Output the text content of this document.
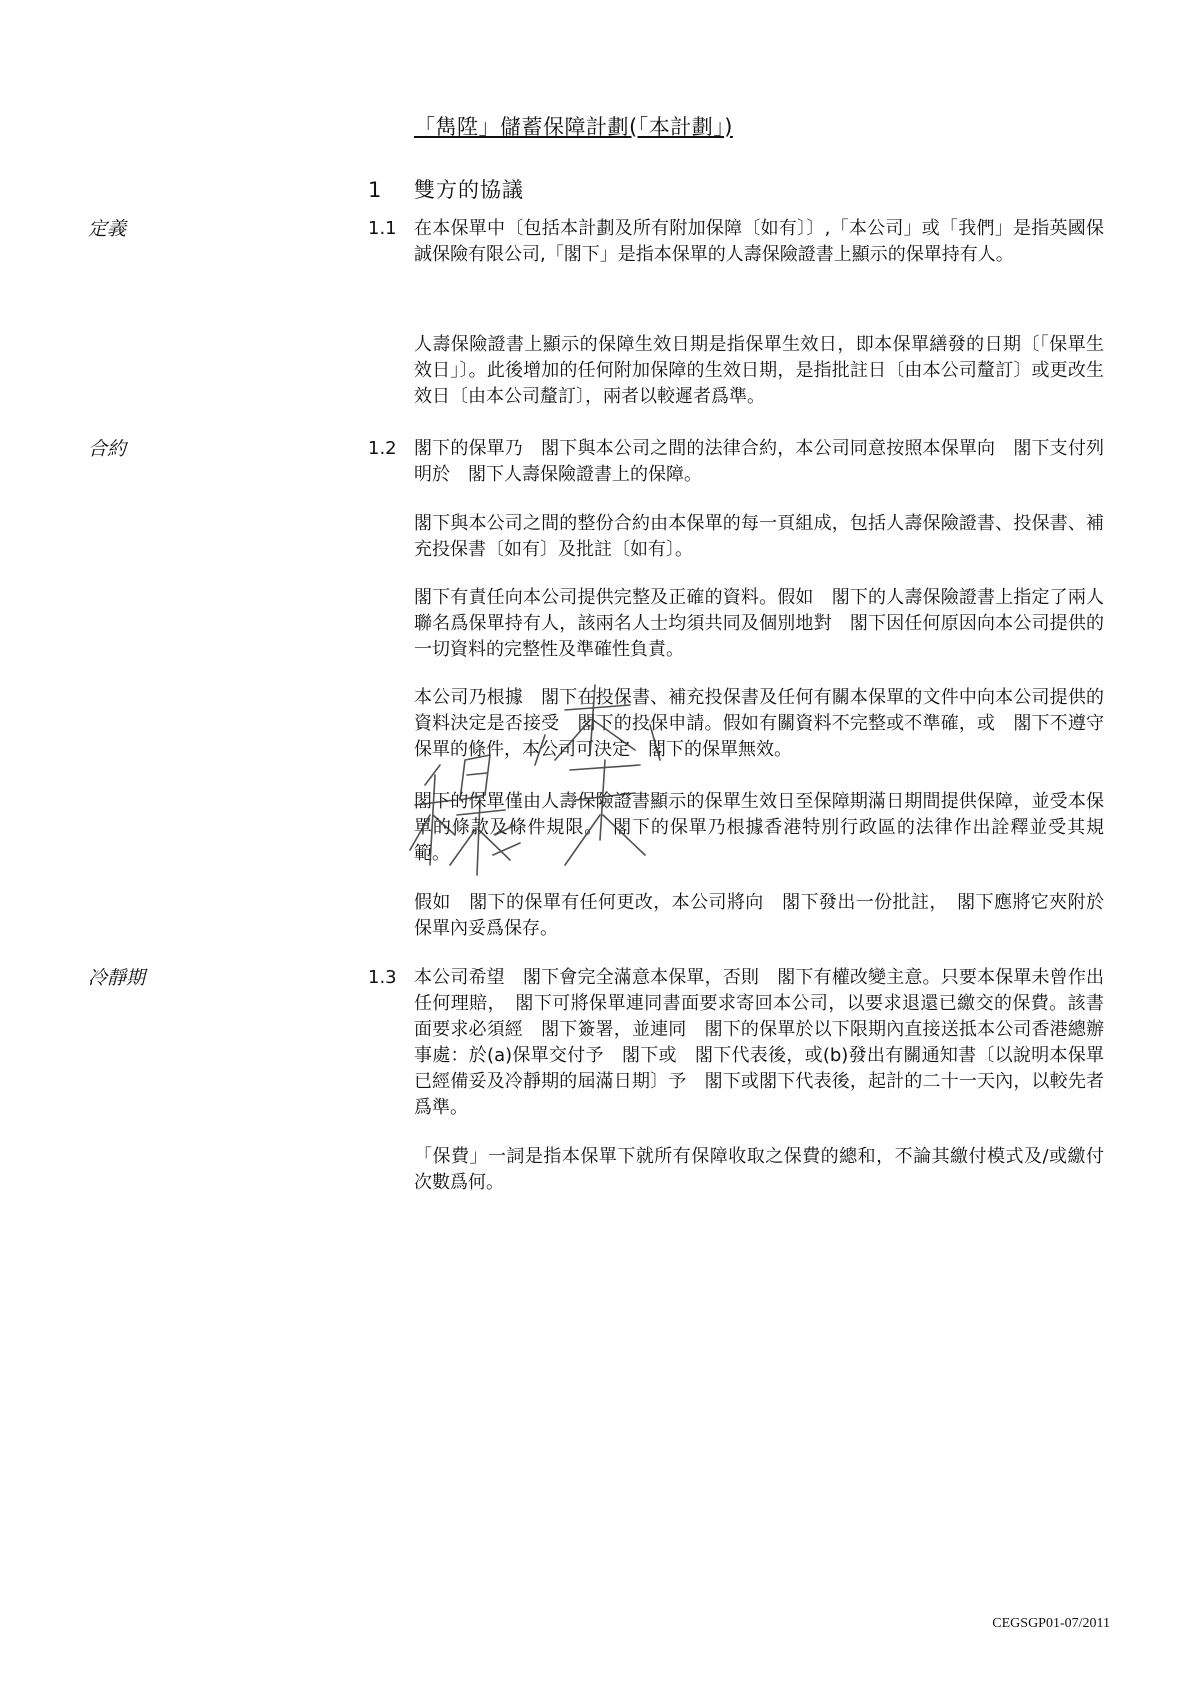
「雋陞」儲蓄保障計劃(「本計劃」)
1 雙方的協議
定義	1.1 在本保單中〔包括本計劃及所有附加保障〔如有〕〕,「本公司」或「我們」是指英國保誠保險有限公司,「閣下」是指本保單的人壽保險證書上顯示的保單持有人。
人壽保險證書上顯示的保障生效日期是指保單生效日，即本保單繕發的日期〔「保單生效日」〕。此後增加的任何附加保障的生效日期，是指批註日〔由本公司釐訂〕或更改生效日〔由本公司釐訂〕，兩者以較遲者爲準。
合約	1.2 閣下的保單乃　閣下與本公司之間的法律合約，本公司同意按照本保單向　閣下支付列明於　閣下人壽保險證書上的保障。
閣下與本公司之間的整份合約由本保單的每一頁組成，包括人壽保險證書、投保書、補充投保書〔如有〕及批註〔如有〕。
閣下有責任向本公司提供完整及正確的資料。假如　閣下的人壽保險證書上指定了兩人聯名爲保單持有人，該兩名人士均須共同及個別地對　閣下因任何原因向本公司提供的一切資料的完整性及準確性負責。
本公司乃根據　閣下在投保書、補充投保書及任何有關本保單的文件中向本公司提供的資料決定是否接受　閣下的投保申請。假如有關資料不完整或不準確，或　閣下不遵守保單的條件，本公司可決定　閣下的保單無效。
閣下的保單僅由人壽保險證書顯示的保單生效日至保障期滿日期間提供保障，並受本保單的條款及條件規限。　閣下的保單乃根據香港特別行政區的法律作出詮釋並受其規範。
假如　閣下的保單有任何更改，本公司將向　閣下發出一份批註，　閣下應將它夾附於保單內妥爲保存。
冷靜期	1.3 本公司希望　閣下會完全滿意本保單，否則　閣下有權改變主意。只要本保單未曾作出任何理賠，　閣下可將保單連同書面要求寄回本公司，以要求退還已繳交的保費。該書面要求必須經　閣下簽署，並連同　閣下的保單於以下限期內直接送抵本公司香港總辦事處：於(a)保單交付予　閣下或　閣下代表後，或(b)發出有關通知書〔以說明本保單已經備妥及冷靜期的屆滿日期〕予　閣下或閣下代表後，起計的二十一天內，以較先者爲準。
「保費」一詞是指本保單下就所有保障收取之保費的總和，不論其繳付模式及/或繳付次數爲何。
CEGSGP01-07/2011
